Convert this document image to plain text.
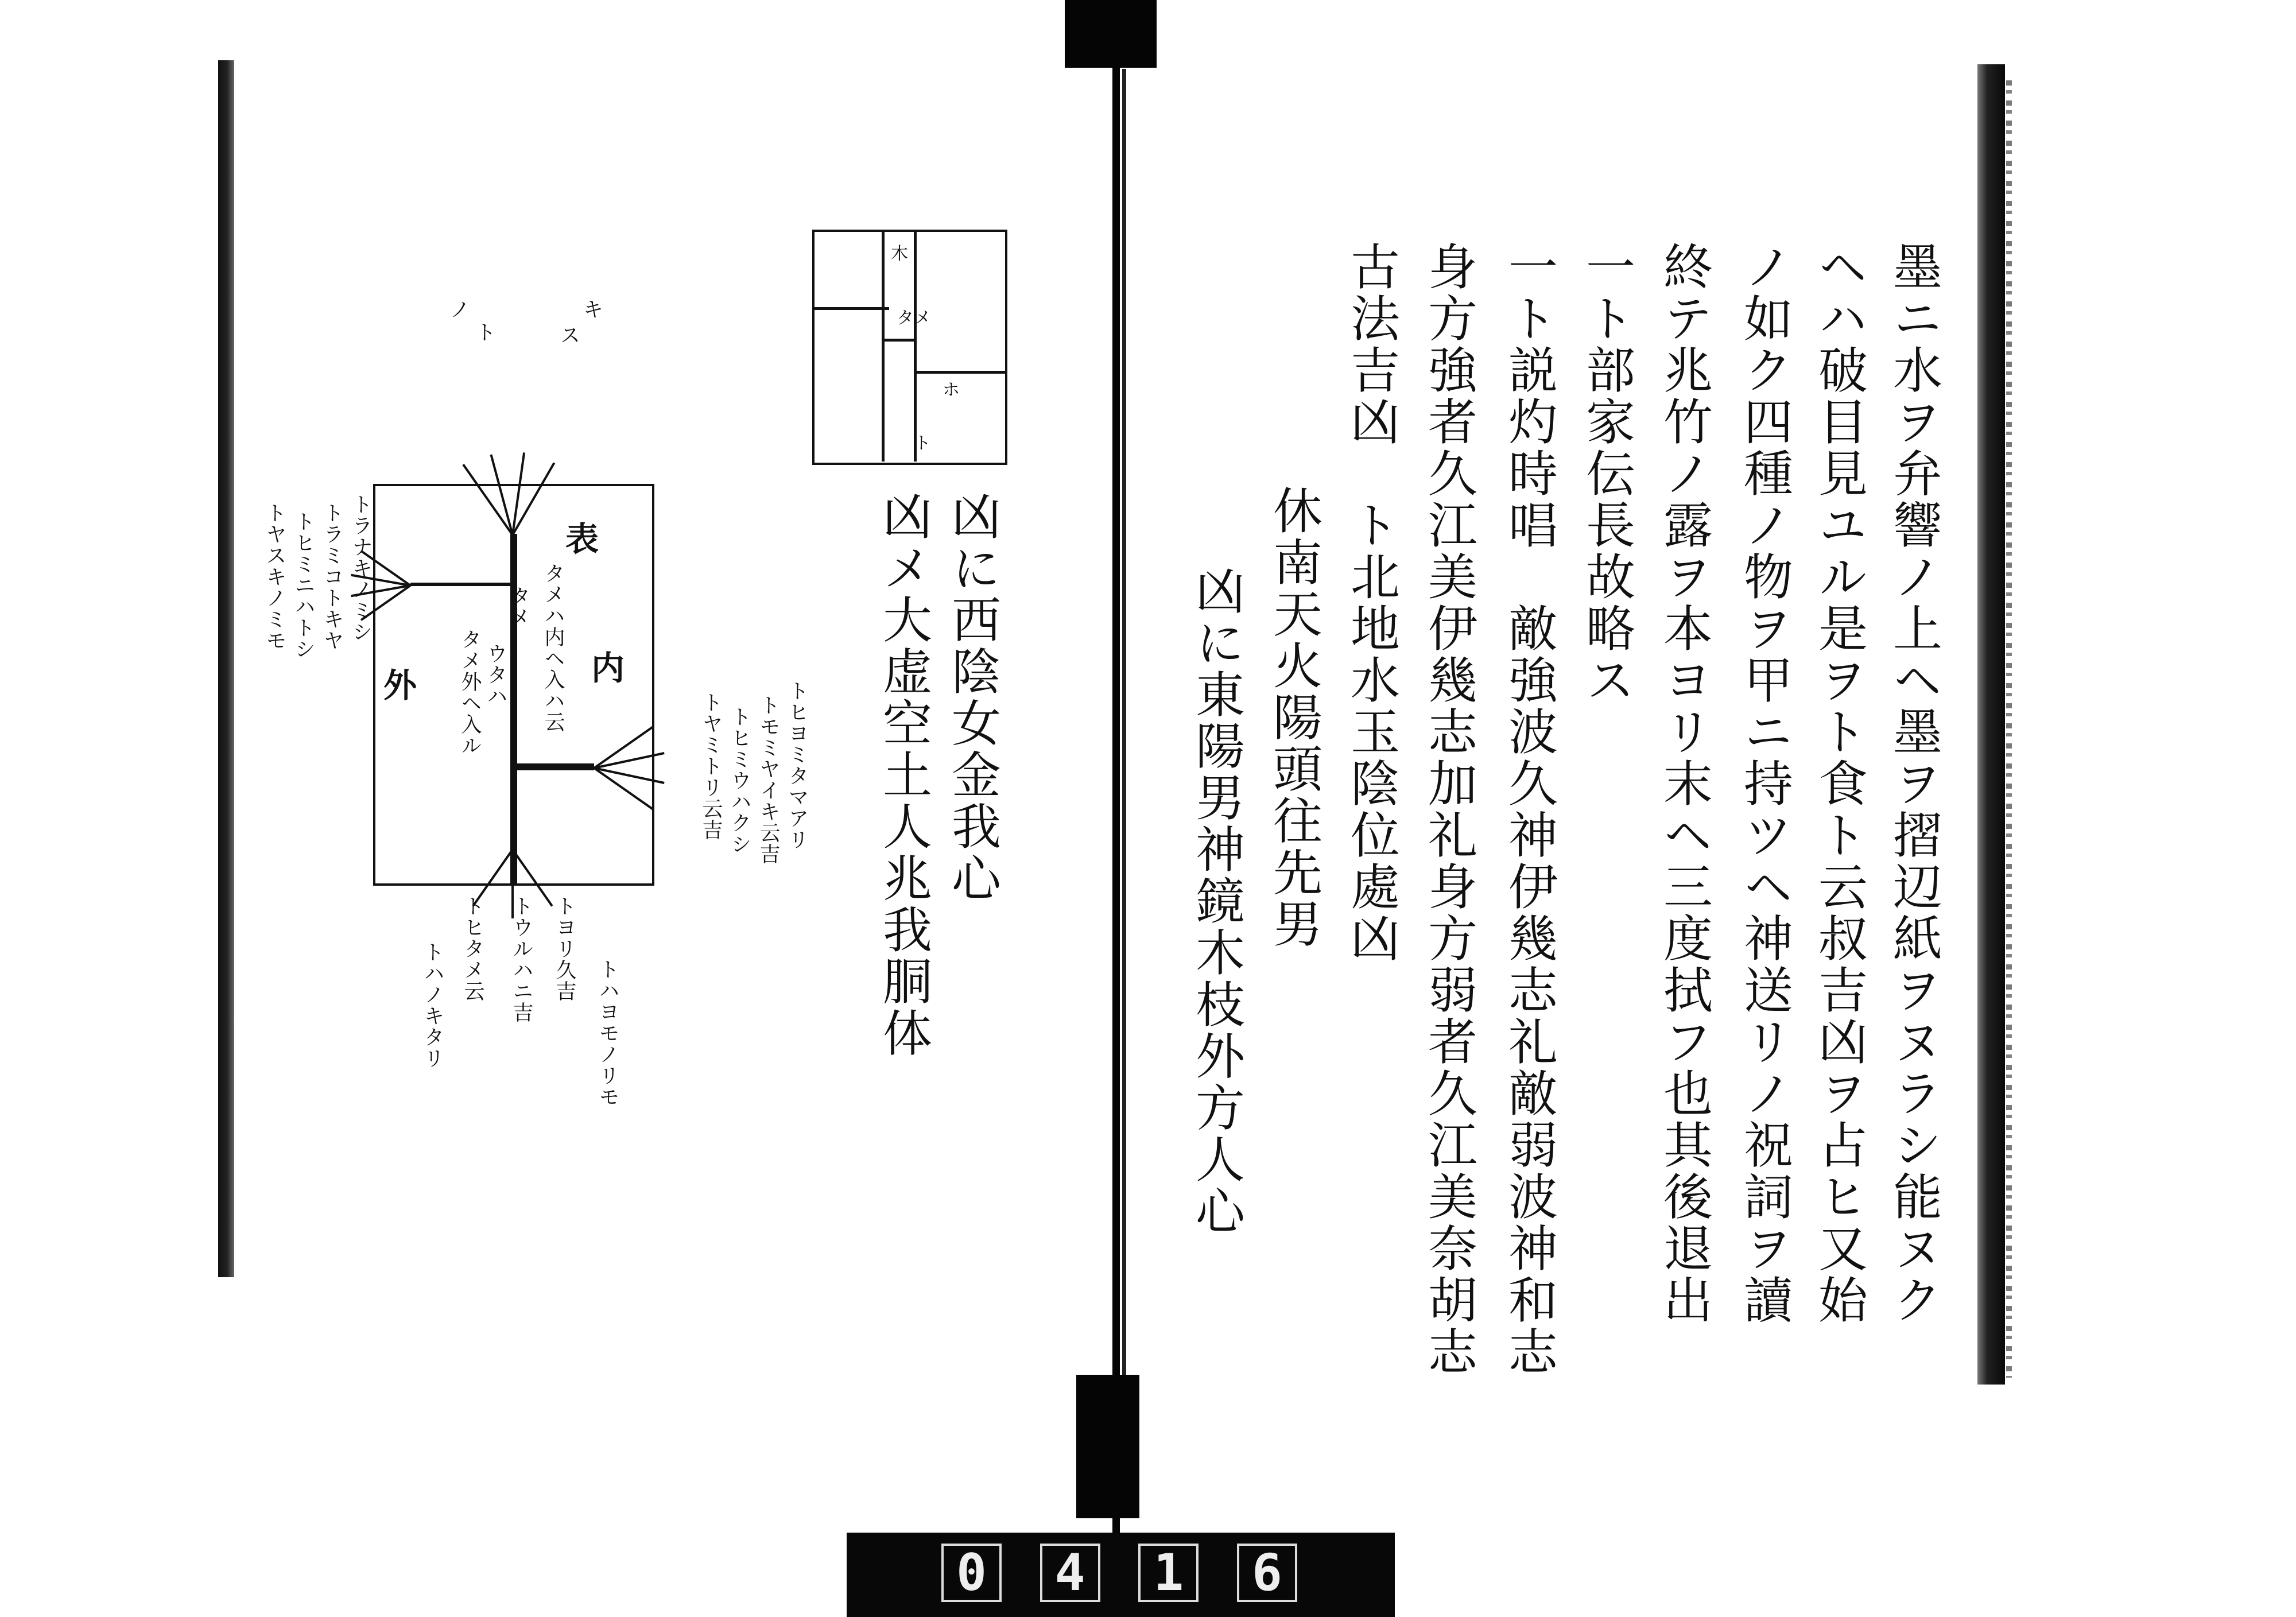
0 4 1 6
墨ニ水ヲ弁響ノ上ヘ墨ヲ摺辺紙ヲヌラシ能ヌク
ヘハ破目見ユル是ヲト食ト云叔吉凶ヲ占ヒ又始
ノ如ク四種ノ物ヲ甲ニ持ツヘ神送リノ祝詞ヲ讀
終テ兆竹ノ露ヲ本ヨリ末ヘ三度拭フ也其後退出
一ト部家伝長故略ス
一ト説灼時唱　敵強波久神伊幾志礼敵弱波神和志
身方強者久江美伊幾志加礼身方弱者久江美奈胡志
古法吉凶　ト北地水玉陰位處凶
休南天火陽頭往先男
凶に東陽男神鏡木枝外方人心
凶に西陰女金我心
凶メ大虚空土人兆我胴体
木
タメ
ホ
ト
表
内
外
タメ タメハ内ヘ入ハ云
タメ外ヘ入ル ウタハ
キ
ス
ト
ノ
トラナキノミシ
トラミコトキヤ
トヒミニハトシ
トヤスキノミモ
トヒヨミタマアリ
トモミヤイキ云吉
トヒミウハクシ
トヤミトリ云吉
トヒタメ云
トハノキタリ	トウルハニ吉 トヨリ久吉
トハヨモノリモ
